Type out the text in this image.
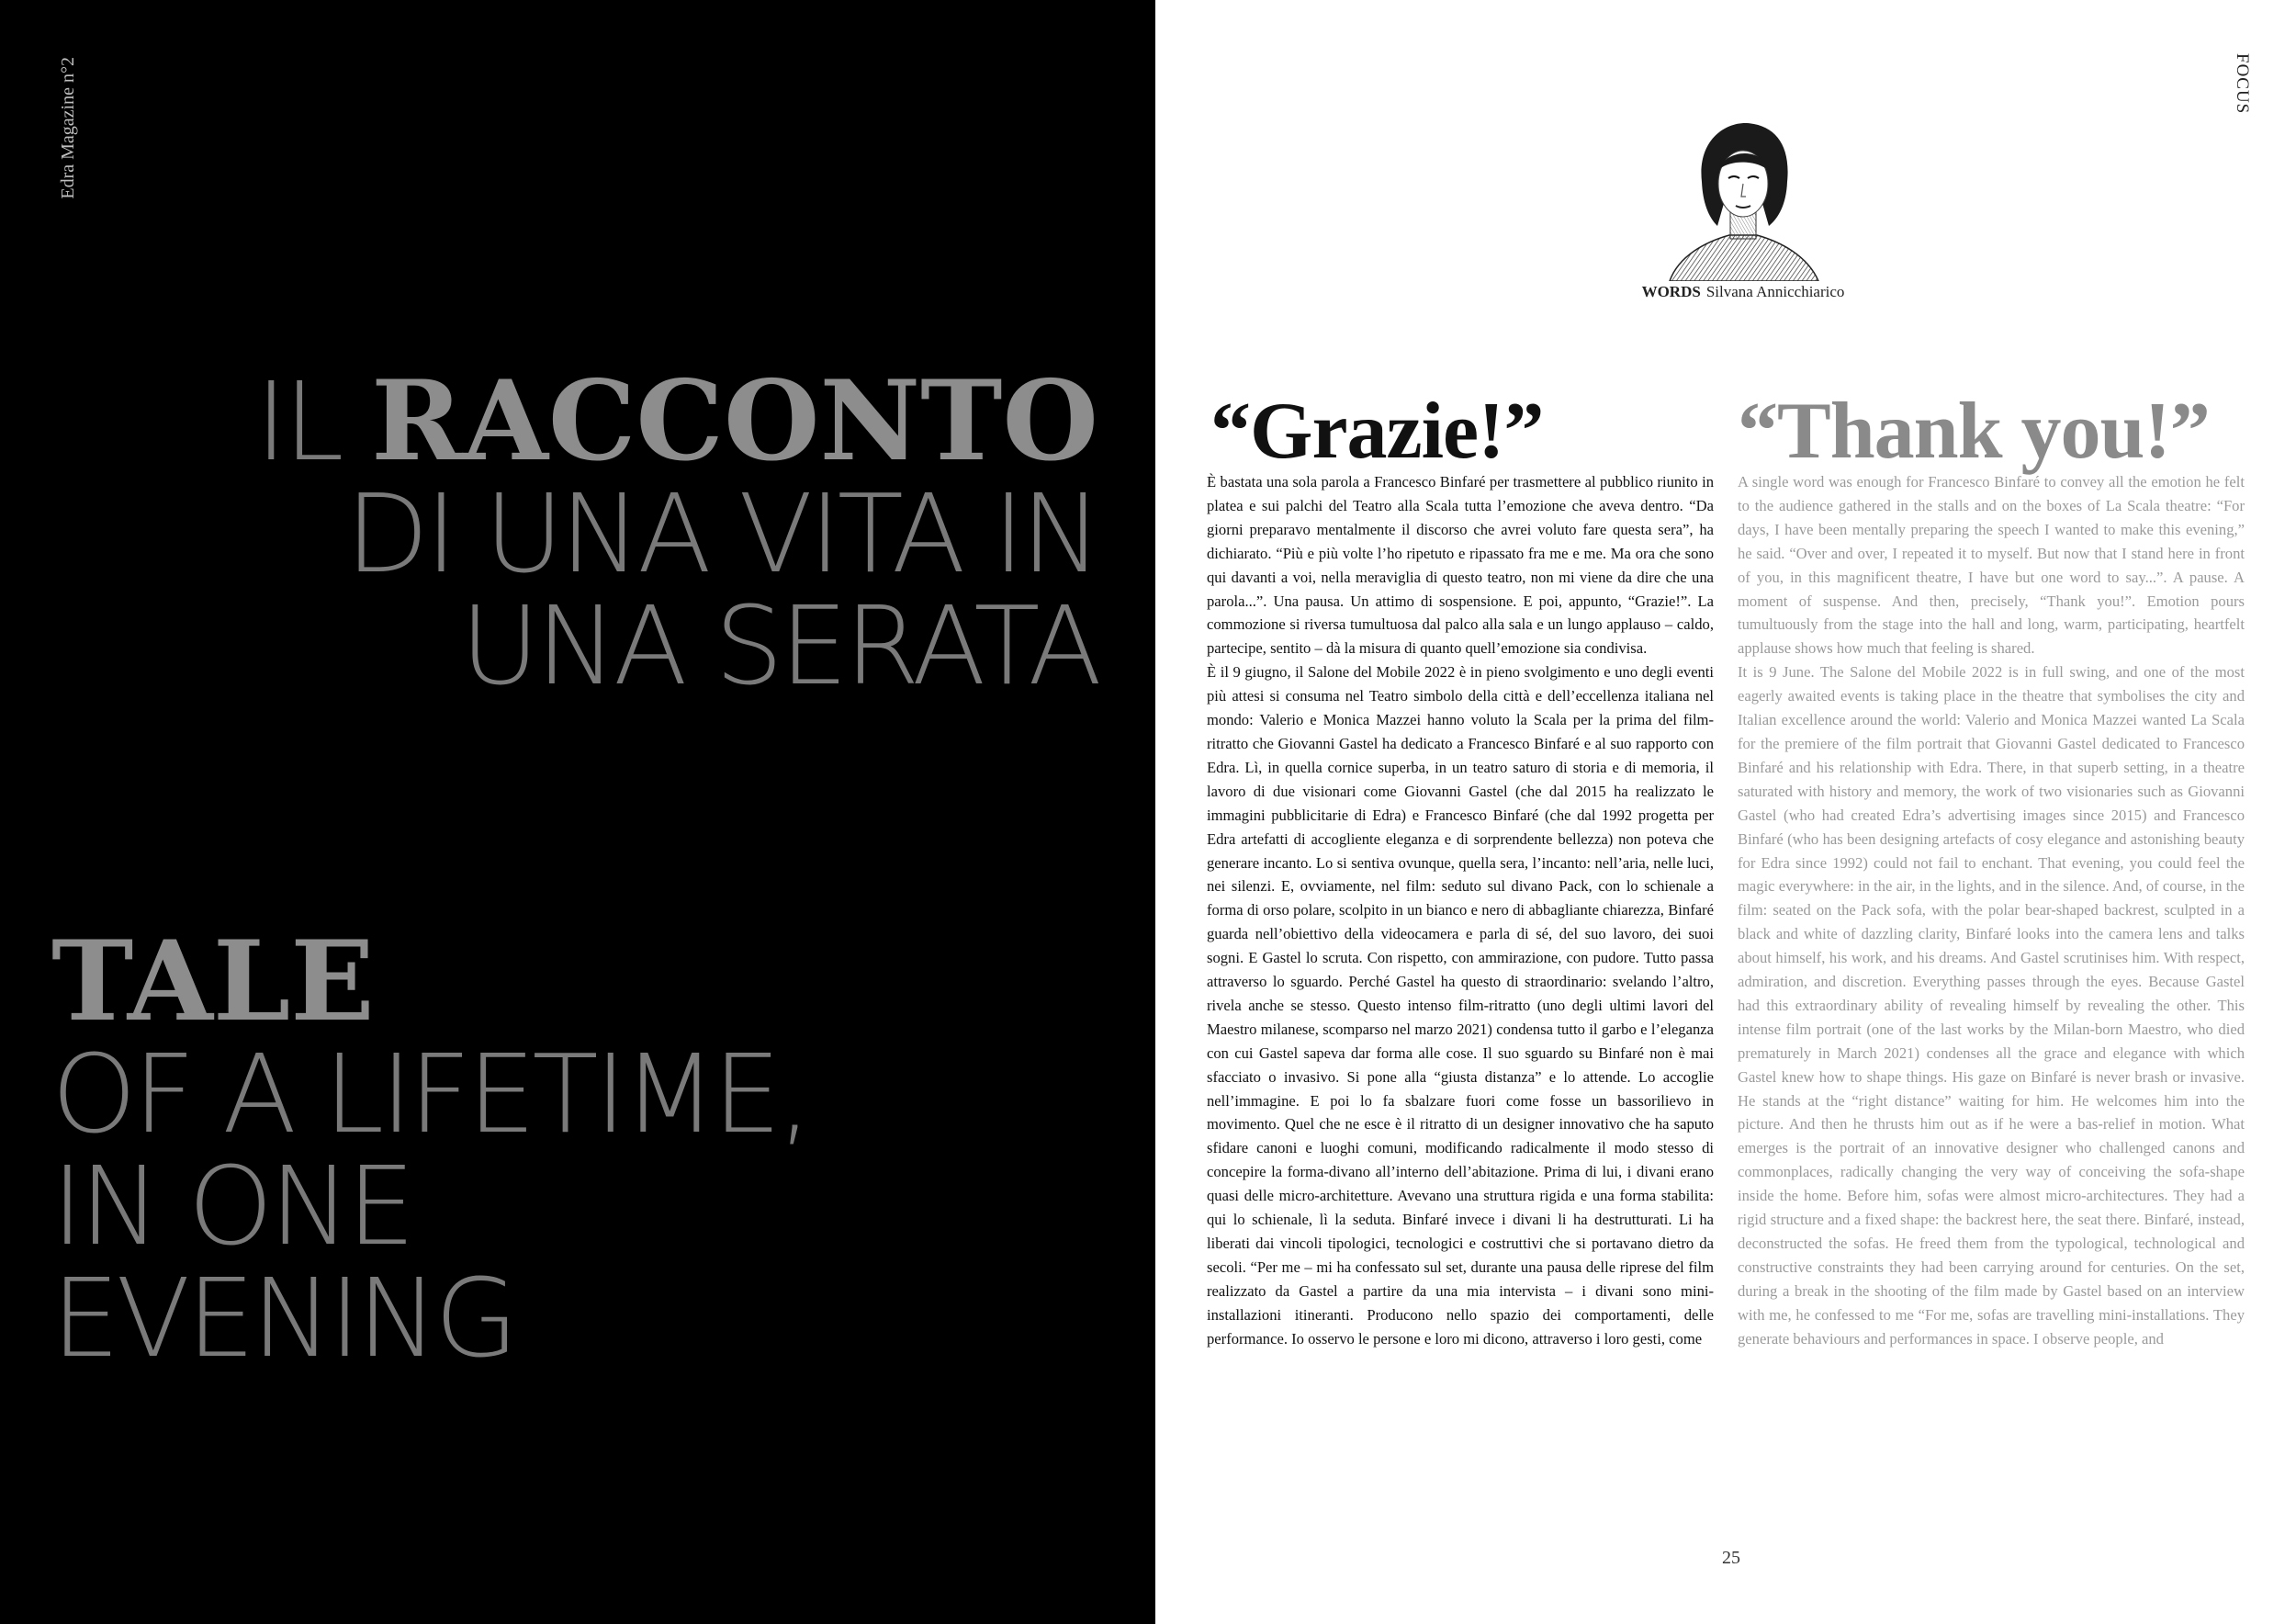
Edra Magazine n°2
IL RACCONTO
DI UNA VITA IN
UNA SERATA
TALE
OF A LIFETIME,
IN ONE
EVENING
FOCUS
WORDS Silvana Annicchiarico
“Grazie!” “Thank you!”

È bastata una sola parola a Francesco Binfaré per trasmettere al pubblico riunito in platea e sui palchi del Teatro alla Scala tutta l’emozione che aveva dentro. “Da giorni preparavo mentalmente il discorso che avrei voluto fare questa sera”, ha dichiarato. “Più e più volte l’ho ripetuto e ripassato fra me e me. Ma ora che sono qui davanti a voi, nella meraviglia di questo teatro, non mi viene da dire che una parola...”. Una pausa. Un attimo di sospensione. E poi, appunto, “Grazie!”. La commozione si riversa tumultuosa dal palco alla sala e un lungo applauso – caldo, partecipe, sentito – dà la misura di quanto quell’emozione sia condivisa.

È il 9 giugno, il Salone del Mobile 2022 è in pieno svolgimento e uno degli eventi più attesi si consuma nel Teatro simbolo della città e dell’eccellenza italiana nel mondo: Valerio e Monica Mazzei hanno voluto la Scala per la prima del film-ritratto che Giovanni Gastel ha dedicato a Francesco Binfaré e al suo rapporto con Edra. Lì, in quella cornice superba, in un teatro saturo di storia e di memoria, il lavoro di due visionari come Giovanni Gastel (che dal 2015 ha realizzato le immagini pubblicitarie di Edra) e Francesco Binfaré (che dal 1992 progetta per Edra artefatti di accogliente eleganza e di sorprendente bellezza) non poteva che generare incanto. Lo si sentiva ovunque, quella sera, l’incanto: nell’aria, nelle luci, nei silenzi. E, ovviamente, nel film: seduto sul divano Pack, con lo schienale a forma di orso polare, scolpito in un bianco e nero di abbagliante chiarezza, Binfaré guarda nell’obiettivo della videocamera e parla di sé, del suo lavoro, dei suoi sogni. E Gastel lo scruta. Con rispetto, con ammirazione, con pudore. Tutto passa attraverso lo sguardo. Perché Gastel ha questo di straordinario: svelando l’altro, rivela anche se stesso. Questo intenso film-ritratto (uno degli ultimi lavori del Maestro milanese, scomparso nel marzo 2021) condensa tutto il garbo e l’eleganza con cui Gastel sapeva dar forma alle cose. Il suo sguardo su Binfaré non è mai sfacciato o invasivo. Si pone alla “giusta distanza” e lo attende. Lo accoglie nell’immagine. E poi lo fa sbalzare fuori come fosse un bassorilievo in movimento. Quel che ne esce è il ritratto di un designer innovativo che ha saputo sfidare canoni e luoghi comuni, modificando radicalmente il modo stesso di concepire la forma-divano all’interno dell’abitazione. Prima di lui, i divani erano quasi delle micro-architetture. Avevano una struttura rigida e una forma stabilita: qui lo schienale, lì la seduta. Binfaré invece i divani li ha destrutturati. Li ha liberati dai vincoli tipologici, tecnologici e costruttivi che si portavano dietro da secoli. “Per me – mi ha confessato sul set, durante una pausa delle riprese del film realizzato da Gastel a partire da una mia intervista – i divani sono mini-installazioni itineranti. Producono nello spazio dei comportamenti, delle performance. Io osservo le persone e loro mi dicono, attraverso i loro gesti, come

A single word was enough for Francesco Binfaré to convey all the emotion he felt to the audience gathered in the stalls and on the boxes of La Scala theatre: “For days, I have been mentally preparing the speech I wanted to make this evening,” he said. “Over and over, I repeated it to myself. But now that I stand here in front of you, in this magnificent theatre, I have but one word to say...”. A pause. A moment of suspense. And then, precisely, “Thank you!”. Emotion pours tumultuously from the stage into the hall and long, warm, participating, heartfelt applause shows how much that feeling is shared.

It is 9 June. The Salone del Mobile 2022 is in full swing, and one of the most eagerly awaited events is taking place in the theatre that symbolises the city and Italian excellence around the world: Valerio and Monica Mazzei wanted La Scala for the premiere of the film portrait that Giovanni Gastel dedicated to Francesco Binfaré and his relationship with Edra. There, in that superb setting, in a theatre saturated with history and memory, the work of two visionaries such as Giovanni Gastel (who had created Edra’s advertising images since 2015) and Francesco Binfaré (who has been designing artefacts of cosy elegance and astonishing beauty for Edra since 1992) could not fail to enchant. That evening, you could feel the magic everywhere: in the air, in the lights, and in the silence. And, of course, in the film: seated on the Pack sofa, with the polar bear-shaped backrest, sculpted in a black and white of dazzling clarity, Binfaré looks into the camera lens and talks about himself, his work, and his dreams. And Gastel scrutinises him. With respect, admiration, and discretion. Everything passes through the eyes. Because Gastel had this extraordinary ability of revealing himself by revealing the other. This intense film portrait (one of the last works by the Milan-born Maestro, who died prematurely in March 2021) condenses all the grace and elegance with which Gastel knew how to shape things. His gaze on Binfaré is never brash or invasive. He stands at the “right distance” waiting for him. He welcomes him into the picture. And then he thrusts him out as if he were a bas-relief in motion. What emerges is the portrait of an innovative designer who challenged canons and commonplaces, radically changing the very way of conceiving the sofa-shape inside the home. Before him, sofas were almost micro-architectures. They had a rigid structure and a fixed shape: the backrest here, the seat there. Binfaré, instead, deconstructed the sofas. He freed them from the typological, technological and constructive constraints they had been carrying around for centuries. On the set, during a break in the shooting of the film made by Gastel based on an interview with me, he confessed to me “For me, sofas are travelling mini-installations. They generate behaviours and performances in space. I observe people, and

25
